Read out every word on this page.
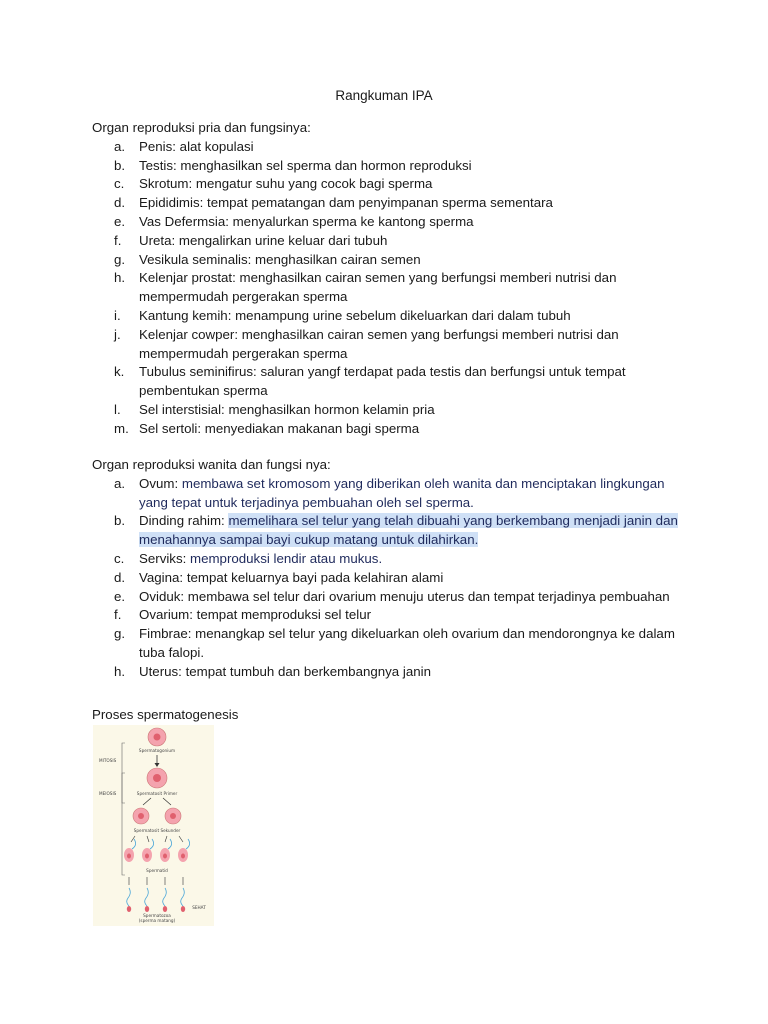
Rangkuman IPA

Organ reproduksi pria dan fungsinya:

a. Penis: alat kopulasi
b. Testis: menghasilkan sel sperma dan hormon reproduksi
c. Skrotum: mengatur suhu yang cocok bagi sperma
d. Epididimis: tempat pematangan dam penyimpanan sperma sementara
e. Vas Defermsia: menyalurkan sperma ke kantong sperma
f. Ureta: mengalirkan urine keluar dari tubuh
g. Vesikula seminalis: menghasilkan cairan semen
h. Kelenjar prostat: menghasilkan cairan semen yang berfungsi memberi nutrisi dan mempermudah pergerakan sperma
i. Kantung kemih: menampung urine sebelum dikeluarkan dari dalam tubuh
j. Kelenjar cowper: menghasilkan cairan semen yang berfungsi memberi nutrisi dan mempermudah pergerakan sperma
k. Tubulus seminifirus: saluran yangf terdapat pada testis dan berfungsi untuk tempat pembentukan sperma
l. Sel interstisial: menghasilkan hormon kelamin pria
m. Sel sertoli: menyediakan makanan bagi sperma

Organ reproduksi wanita dan fungsi nya:

a. Ovum: membawa set kromosom yang diberikan oleh wanita dan menciptakan lingkungan yang tepat untuk terjadinya pembuahan oleh sel sperma.
b. Dinding rahim: memelihara sel telur yang telah dibuahi yang berkembang menjadi janin dan menahannya sampai bayi cukup matang untuk dilahirkan.
c. Serviks: memproduksi lendir atau mukus.
d. Vagina: tempat keluarnya bayi pada kelahiran alami
e. Oviduk: membawa sel telur dari ovarium menuju uterus dan tempat terjadinya pembuahan
f. Ovarium: tempat memproduksi sel telur
g. Fimbrae: menangkap sel telur yang dikeluarkan oleh ovarium dan mendorongnya ke dalam tuba falopi.
h. Uterus: tempat tumbuh dan berkembangnya janin

Proses spermatogenesis

Spermatogonium
MITOSIS
MEIOSIS	Spermatosit Primer
Spermatosit Sekunder
Spermatid
Spermatozoa
(sperma matang)
SEHAT
